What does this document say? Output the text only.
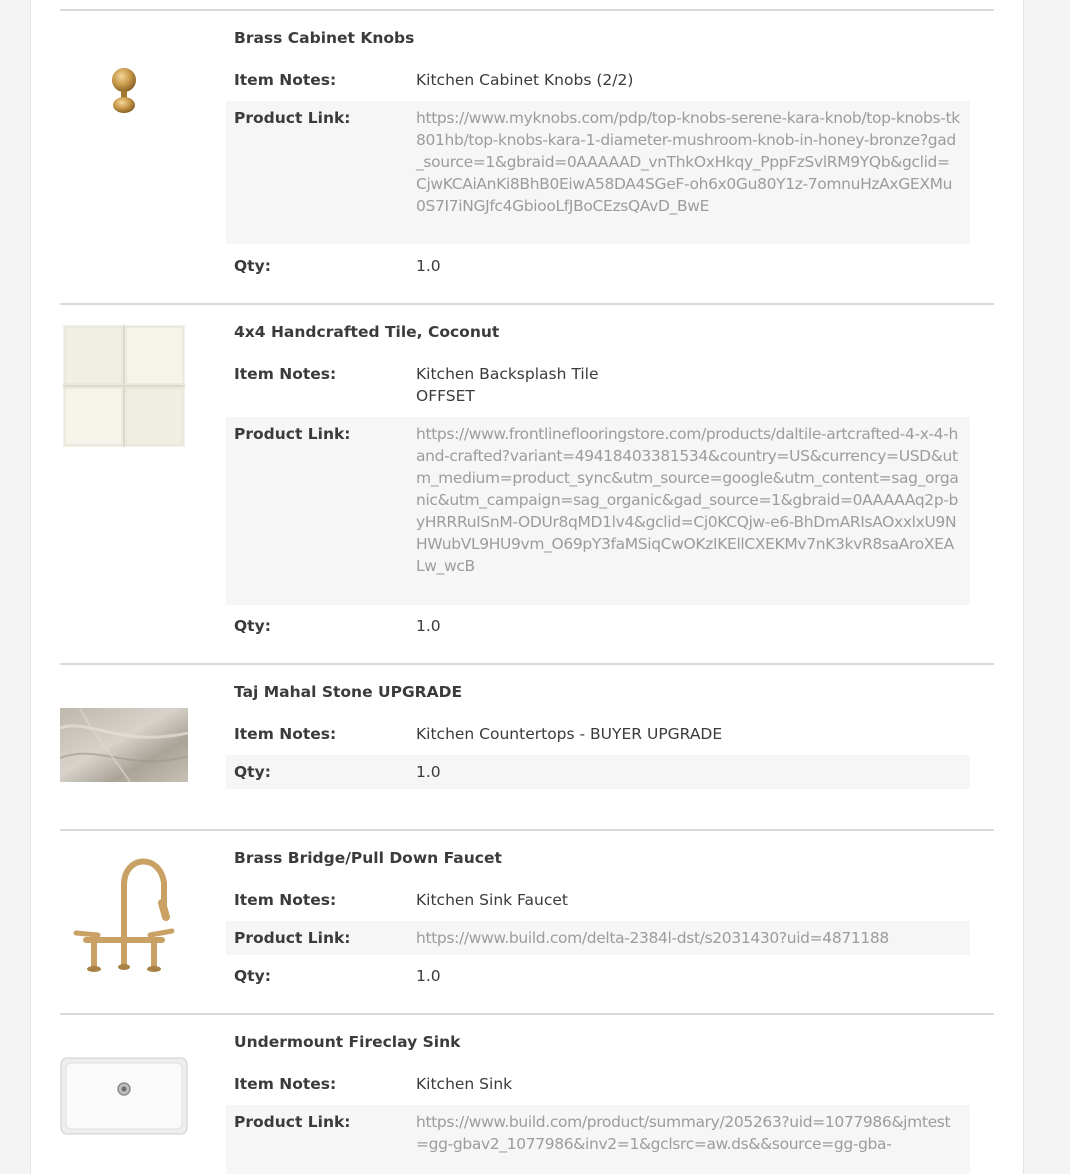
Brass Cabinet Knobs
Item Notes:	Kitchen Cabinet Knobs (2/2)
Product Link:	https://www.myknobs.com/pdp/top-knobs-serene-kara-knob/top-knobs-tk801hb/top-knobs-kara-1-diameter-mushroom-knob-in-honey-bronze?gad_source=1&gbraid=0AAAAAD_vnThkOxHkqy_PppFzSvlRM9YQb&gclid=CjwKCAiAnKi8BhB0EiwA58DA4SGeF-oh6x0Gu80Y1z-7omnuHzAxGEXMu0S7I7iNGJfc4GbiooLfJBoCEzsQAvD_BwE
Qty:	1.0
4x4 Handcrafted Tile, Coconut
Item Notes:	Kitchen Backsplash Tile
OFFSET
Product Link:	https://www.frontlineflooringstore.com/products/daltile-artcrafted-4-x-4-hand-crafted?variant=49418403381534&country=US&currency=USD&utm_medium=product_sync&utm_source=google&utm_content=sag_organic&utm_campaign=sag_organic&gad_source=1&gbraid=0AAAAAq2p-byHRRRuISnM-ODUr8qMD1lv4&gclid=Cj0KCQjw-e6-BhDmARIsAOxxlxU9NHWubVL9HU9vm_O69pY3faMSiqCwOKzIKEllCXEKMv7nK3kvR8saAroXEALw_wcB
Qty:	1.0
Taj Mahal Stone UPGRADE
Item Notes:	Kitchen Countertops - BUYER UPGRADE
Qty:	1.0
Brass Bridge/Pull Down Faucet
Item Notes:	Kitchen Sink Faucet
Product Link:	https://www.build.com/delta-2384l-dst/s2031430?uid=4871188
Qty:	1.0
Undermount Fireclay Sink
Item Notes:	Kitchen Sink
Product Link:	https://www.build.com/product/summary/205263?uid=1077986&jmtest=gg-gbav2_1077986&inv2=1&gclsrc=aw.ds&&source=gg-gba-
